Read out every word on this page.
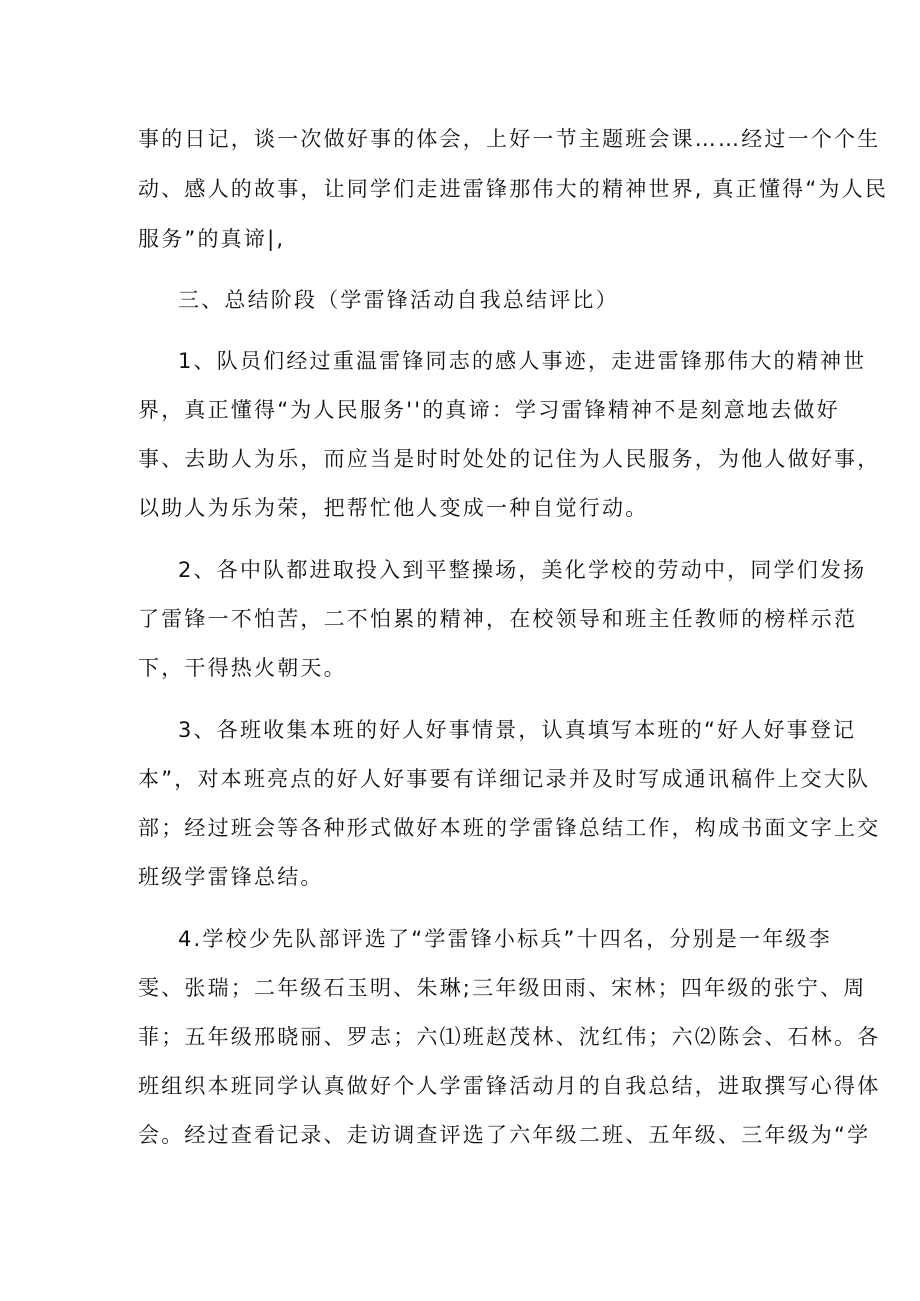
事的日记，谈一次做好事的体会，上好一节主题班会课……经过一个个生
动、感人的故事，让同学们走进雷锋那伟大的精神世界, 真正懂得“为人民
服务”的真谛|,
三、总结阶段（学雷锋活动自我总结评比）
1、队员们经过重温雷锋同志的感人事迹，走进雷锋那伟大的精神世
界，真正懂得“为人民服务''的真谛：学习雷锋精神不是刻意地去做好
事、去助人为乐，而应当是时时处处的记住为人民服务，为他人做好事，
以助人为乐为荣，把帮忙他人变成一种自觉行动。
2、各中队都进取投入到平整操场，美化学校的劳动中，同学们发扬
了雷锋一不怕苦，二不怕累的精神，在校领导和班主任教师的榜样示范
下，干得热火朝天。
3、各班收集本班的好人好事情景，认真填写本班的“好人好事登记
本”，对本班亮点的好人好事要有详细记录并及时写成通讯稿件上交大队
部；经过班会等各种形式做好本班的学雷锋总结工作，构成书面文字上交
班级学雷锋总结。
4.学校少先队部评选了“学雷锋小标兵”十四名，分别是一年级李
雯、张瑞；二年级石玉明、朱琳;三年级田雨、宋林；四年级的张宁、周
菲；五年级邢晓丽、罗志；六⑴班赵茂林、沈红伟；六⑵陈会、石林。各
班组织本班同学认真做好个人学雷锋活动月的自我总结，进取撰写心得体
会。经过查看记录、走访调查评选了六年级二班、五年级、三年级为“学
